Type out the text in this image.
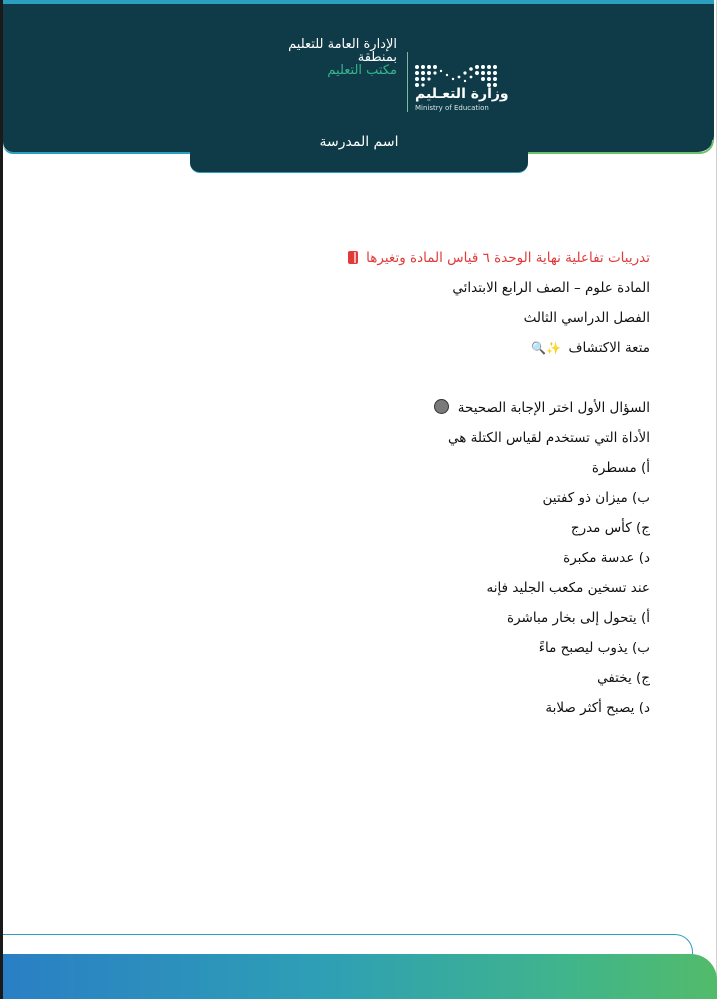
وزارة التعـليم
Ministry of Education
الإدارة العامة للتعليم
بمنطقة
مكتب التعليم
اسم المدرسة
تدريبات تفاعلية نهاية الوحدة ٦ قياس المادة وتغيرها
المادة علوم – الصف الرابع الابتدائي
الفصل الدراسي الثالث
متعة الاكتشاف ✨🔍
السؤال الأول اختر الإجابة الصحيحة
الأداة التي تستخدم لقياس الكتلة هي
أ) مسطرة
ب) ميزان ذو كفتين
ج) كأس مدرج
د) عدسة مكبرة
عند تسخين مكعب الجليد فإنه
أ) يتحول إلى بخار مباشرة
ب) يذوب ليصبح ماءً
ج) يختفي
د) يصبح أكثر صلابة
